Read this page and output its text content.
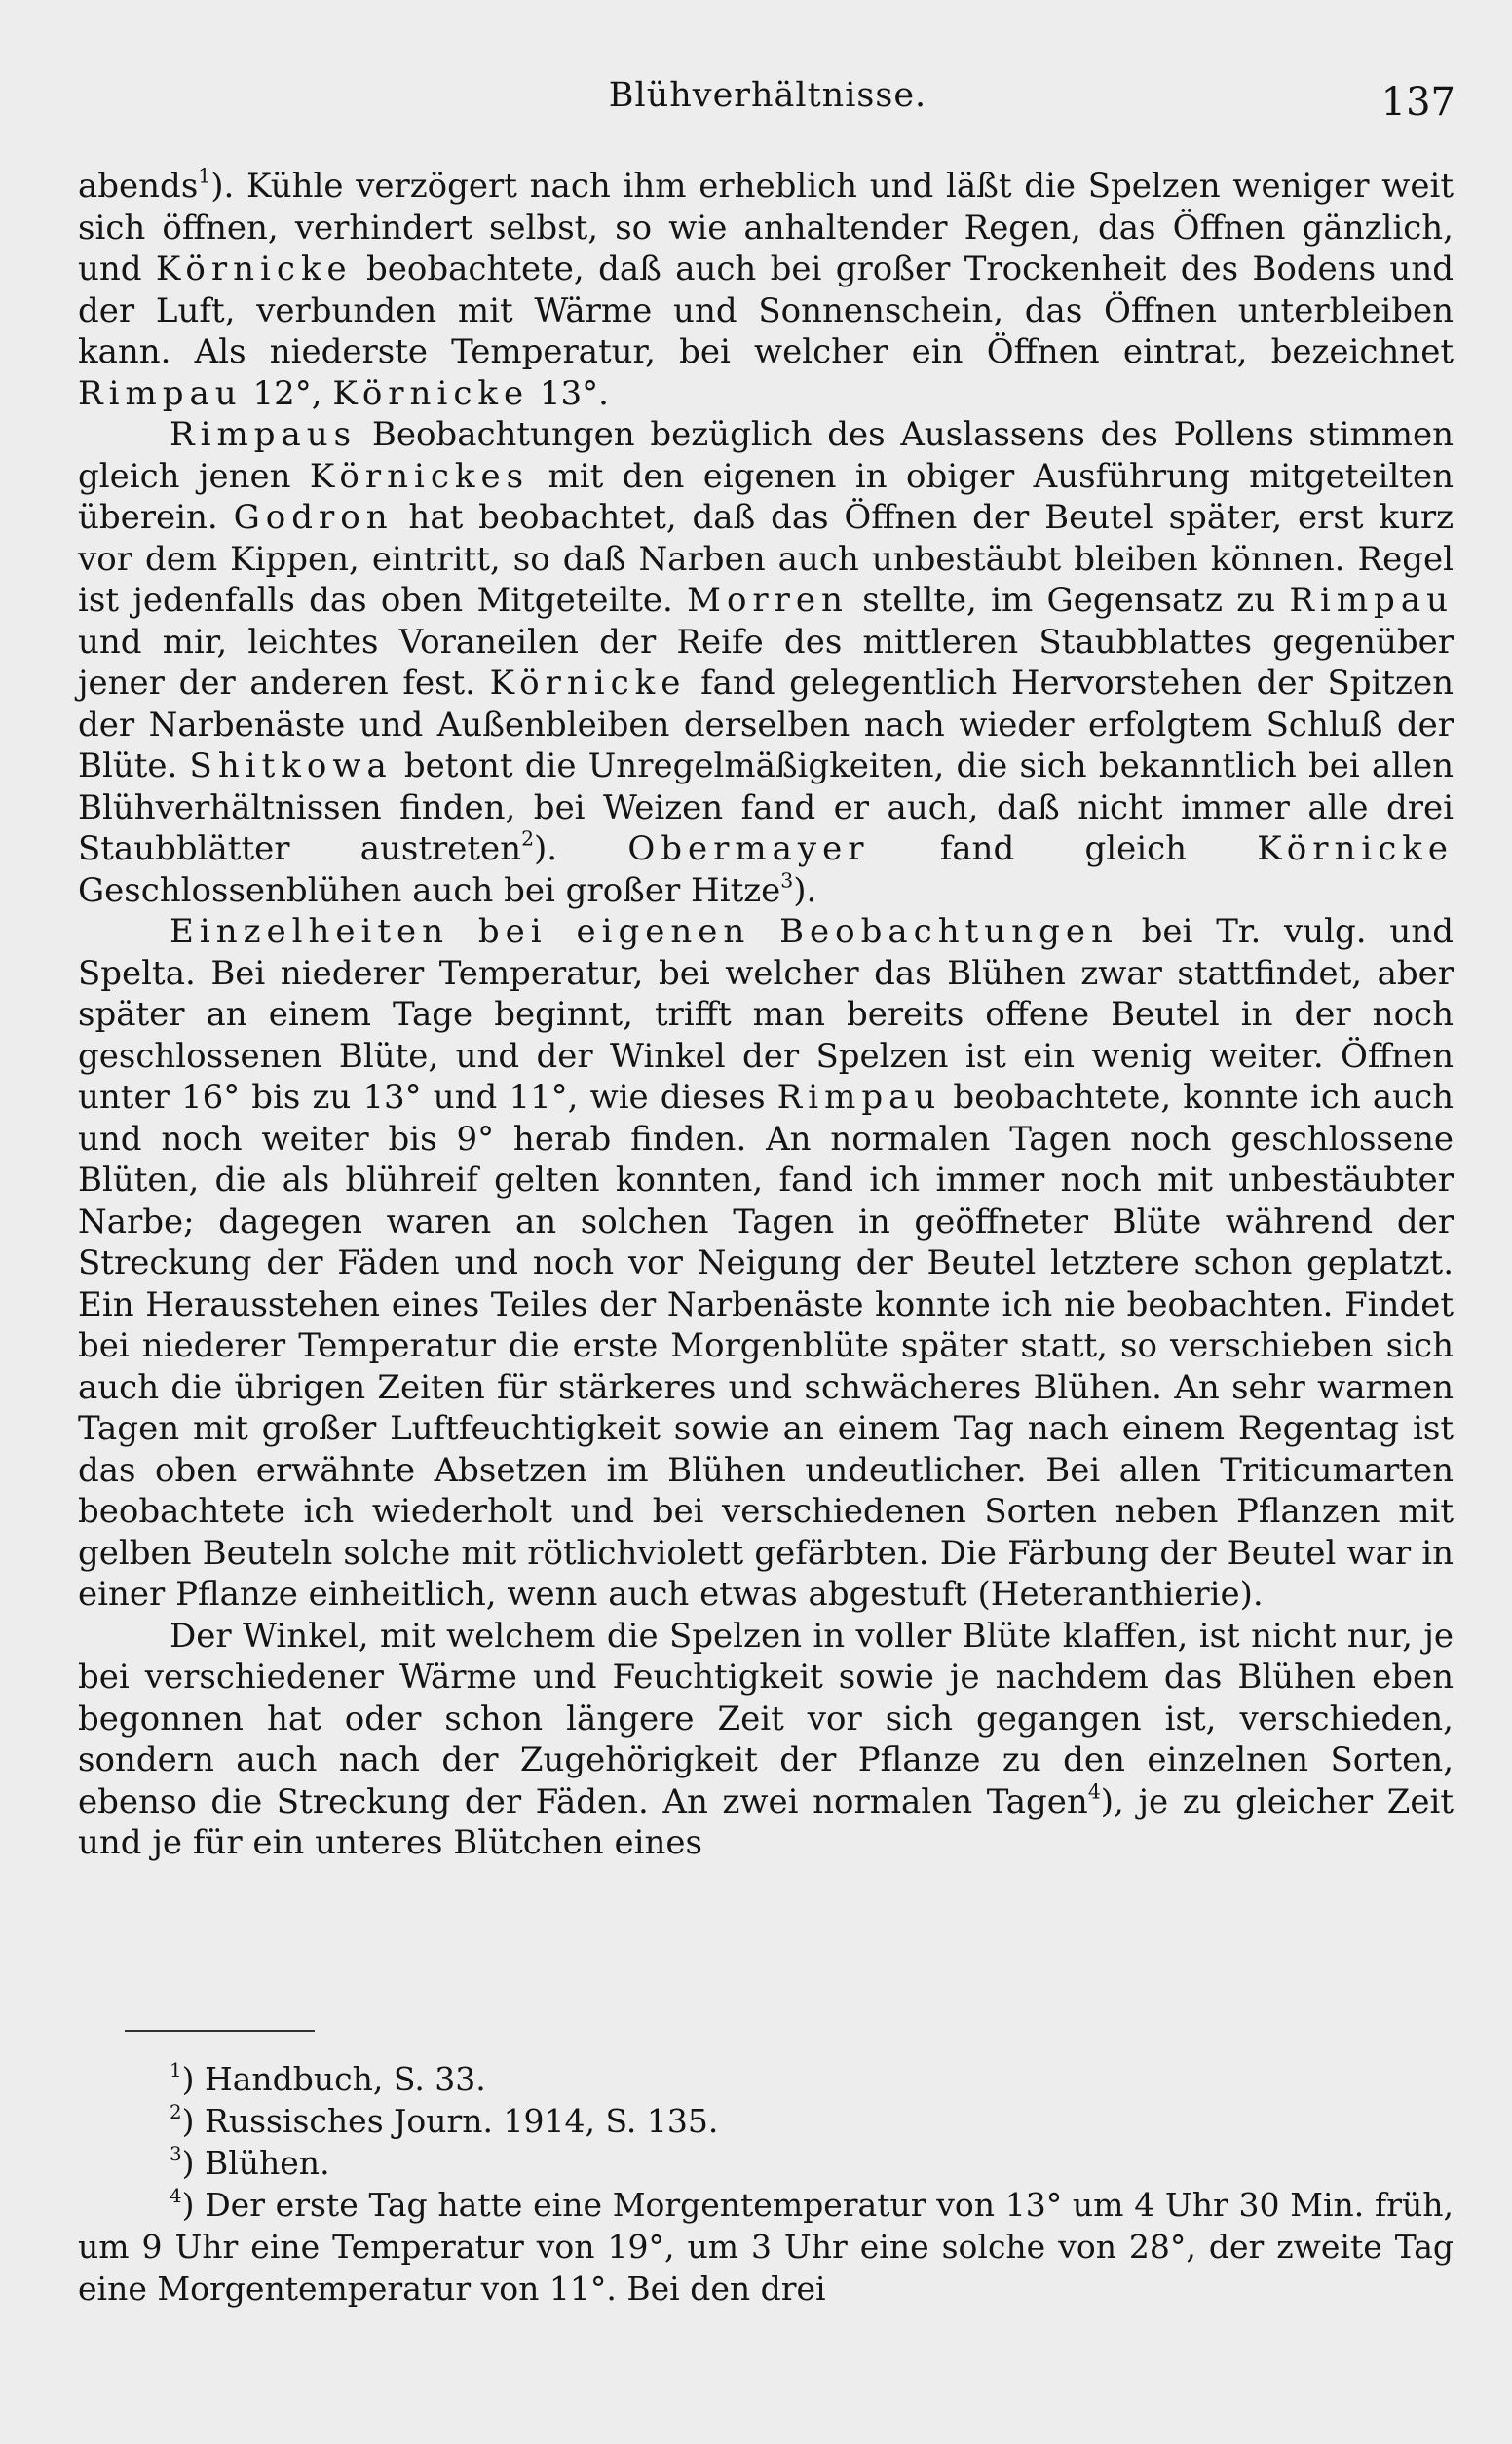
Blühverhältnisse.	137

abends$^1$). Kühle verzögert nach ihm erheblich und läßt die Spelzen weniger weit sich öffnen, verhindert selbst, so wie anhaltender Regen, das Öffnen gänzlich, und Körnicke beobachtete, daß auch bei großer Trockenheit des Bodens und der Luft, verbunden mit Wärme und Sonnenschein, das Öffnen unterbleiben kann. Als niederste Temperatur, bei welcher ein Öffnen eintrat, bezeichnet Rimpau 12°, Körnicke 13°.

Rimpaus Beobachtungen bezüglich des Auslassens des Pollens stimmen gleich jenen Körnickes mit den eigenen in obiger Ausführung mitgeteilten überein. Godron hat beobachtet, daß das Öffnen der Beutel später, erst kurz vor dem Kippen, eintritt, so daß Narben auch unbestäubt bleiben können. Regel ist jedenfalls das oben Mitgeteilte. Morren stellte, im Gegensatz zu Rimpau und mir, leichtes Voraneilen der Reife des mittleren Staubblattes gegenüber jener der anderen fest. Körnicke fand gelegentlich Hervorstehen der Spitzen der Narbenäste und Außenbleiben derselben nach wieder erfolgtem Schluß der Blüte. Shitkowa betont die Unregelmäßigkeiten, die sich bekanntlich bei allen Blühverhältnissen finden, bei Weizen fand er auch, daß nicht immer alle drei Staubblätter austreten$^2$). Obermayer fand gleich Körnicke Geschlossenblühen auch bei großer Hitze$^3$).

Einzelheiten bei eigenen Beobachtungen bei Tr. vulg. und Spelta. Bei niederer Temperatur, bei welcher das Blühen zwar stattfindet, aber später an einem Tage beginnt, trifft man bereits offene Beutel in der noch geschlossenen Blüte, und der Winkel der Spelzen ist ein wenig weiter. Öffnen unter 16° bis zu 13° und 11°, wie dieses Rimpau beobachtete, konnte ich auch und noch weiter bis 9° herab finden. An normalen Tagen noch geschlossene Blüten, die als blühreif gelten konnten, fand ich immer noch mit unbestäubter Narbe; dagegen waren an solchen Tagen in geöffneter Blüte während der Streckung der Fäden und noch vor Neigung der Beutel letztere schon geplatzt. Ein Herausstehen eines Teiles der Narbenäste konnte ich nie beobachten. Findet bei niederer Temperatur die erste Morgenblüte später statt, so verschieben sich auch die übrigen Zeiten für stärkeres und schwächeres Blühen. An sehr warmen Tagen mit großer Luftfeuchtigkeit sowie an einem Tag nach einem Regentag ist das oben erwähnte Absetzen im Blühen undeutlicher. Bei allen Triticumarten beobachtete ich wiederholt und bei verschiedenen Sorten neben Pflanzen mit gelben Beuteln solche mit rötlichviolett gefärbten. Die Färbung der Beutel war in einer Pflanze einheitlich, wenn auch etwas abgestuft (Heteranthierie).

Der Winkel, mit welchem die Spelzen in voller Blüte klaffen, ist nicht nur, je bei verschiedener Wärme und Feuchtigkeit sowie je nachdem das Blühen eben begonnen hat oder schon längere Zeit vor sich gegangen ist, verschieden, sondern auch nach der Zugehörigkeit der Pflanze zu den einzelnen Sorten, ebenso die Streckung der Fäden. An zwei normalen Tagen$^4$), je zu gleicher Zeit und je für ein unteres Blütchen eines

$^1$) Handbuch, S. 33.

$^2$) Russisches Journ. 1914, S. 135.

$^3$) Blühen.

$^4$) Der erste Tag hatte eine Morgentemperatur von 13° um 4 Uhr 30 Min. früh, um 9 Uhr eine Temperatur von 19°, um 3 Uhr eine solche von 28°, der zweite Tag eine Morgentemperatur von 11°. Bei den drei
